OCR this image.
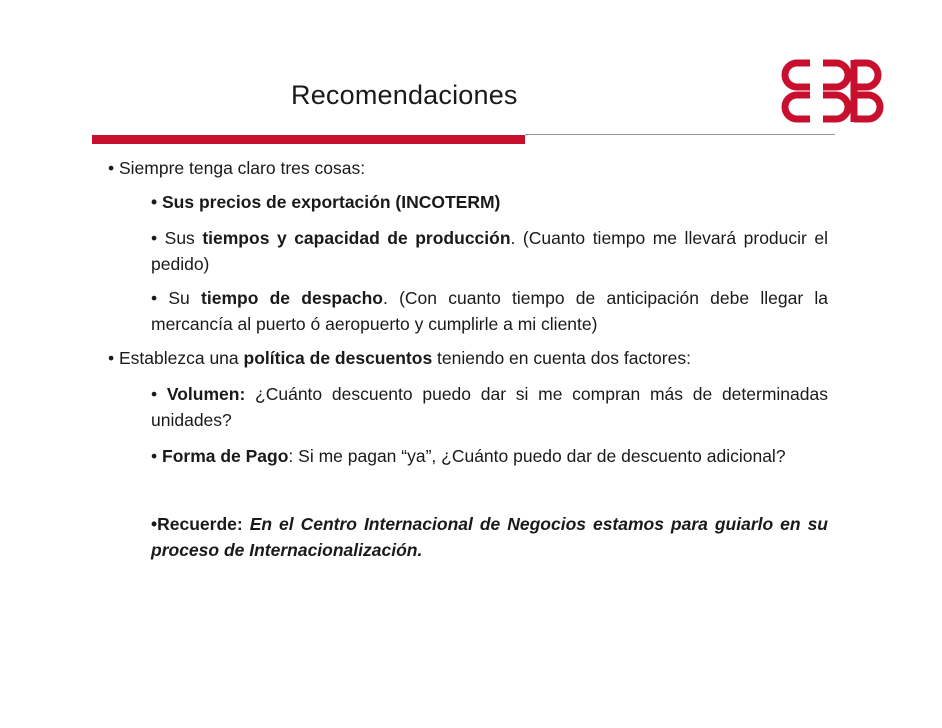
Recomendaciones

• Siempre tenga claro tres cosas:

• Sus precios de exportación (INCOTERM)

• Sus tiempos y capacidad de producción. (Cuanto tiempo me llevará producir el pedido)

• Su tiempo de despacho. (Con cuanto tiempo de anticipación debe llegar la mercancía al puerto ó aeropuerto y cumplirle a mi cliente)

• Establezca una política de descuentos teniendo en cuenta dos factores:

• Volumen: ¿Cuánto descuento puedo dar si me compran más de determinadas unidades?

• Forma de Pago: Si me pagan “ya”, ¿Cuánto puedo dar de descuento adicional?

•Recuerde: En el Centro Internacional de Negocios estamos para guiarlo en su proceso de Internacionalización.
